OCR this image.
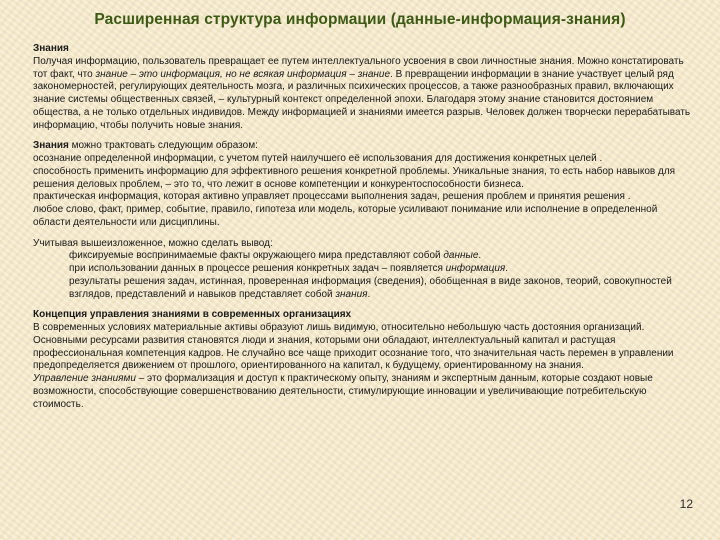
Расширенная структура информации (данные-информация-знания)

Знания

Получая информацию, пользователь превращает ее путем интеллектуального усвоения в свои личностные знания. Можно констатировать тот факт, что знание – это информация, но не всякая информация – знание. В превращении информации в знание участвует целый ряд закономерностей, регулирующих деятельность мозга, и различных психических процессов, а также разнообразных правил, включающих знание системы общественных связей, – культурный контекст определенной эпохи. Благодаря этому знание становится достоянием общества, а не только отдельных индивидов. Между информацией и знаниями имеется разрыв. Человек должен творчески перерабатывать информацию, чтобы получить новые знания.

Знания можно трактовать следующим образом:

осознание определенной информации, с учетом путей наилучшего её использования для достижения конкретных целей .

способность применить информацию для эффективного решения конкретной проблемы. Уникальные знания, то есть набор навыков для решения деловых проблем, – это то, что лежит в основе компетенции и конкурентоспособности бизнеса.

практическая информация, которая активно управляет процессами выполнения задач, решения проблем и принятия решения .

любое слово, факт, пример, событие, правило, гипотеза или модель, которые усиливают понимание или исполнение в определенной области деятельности или дисциплины.

Учитывая вышеизложенное, можно сделать вывод:

фиксируемые воспринимаемые факты окружающего мира представляют собой данные.

при использовании данных в процессе решения конкретных задач – появляется информация.

результаты решения задач, истинная, проверенная информация (сведения), обобщенная в виде законов, теорий, совокупностей взглядов, представлений и навыков представляет собой знания.

Концепция управления знаниями в современных организациях

В современных условиях материальные активы образуют лишь видимую, относительно небольшую часть достояния организаций. Основными ресурсами развития становятся люди и знания, которыми они обладают, интеллектуальный капитал и растущая профессиональная компетенция кадров. Не случайно все чаще приходит осознание того, что значительная часть перемен в управлении предопределяется движением от прошлого, ориентированного на капитал, к будущему, ориентированному на знания.

Управление знаниями – это формализация и доступ к практическому опыту, знаниям и экспертным данным, которые создают новые возможности, способствующие совершенствованию деятельности, стимулирующие инновации и увеличивающие потребительскую стоимость.

12
